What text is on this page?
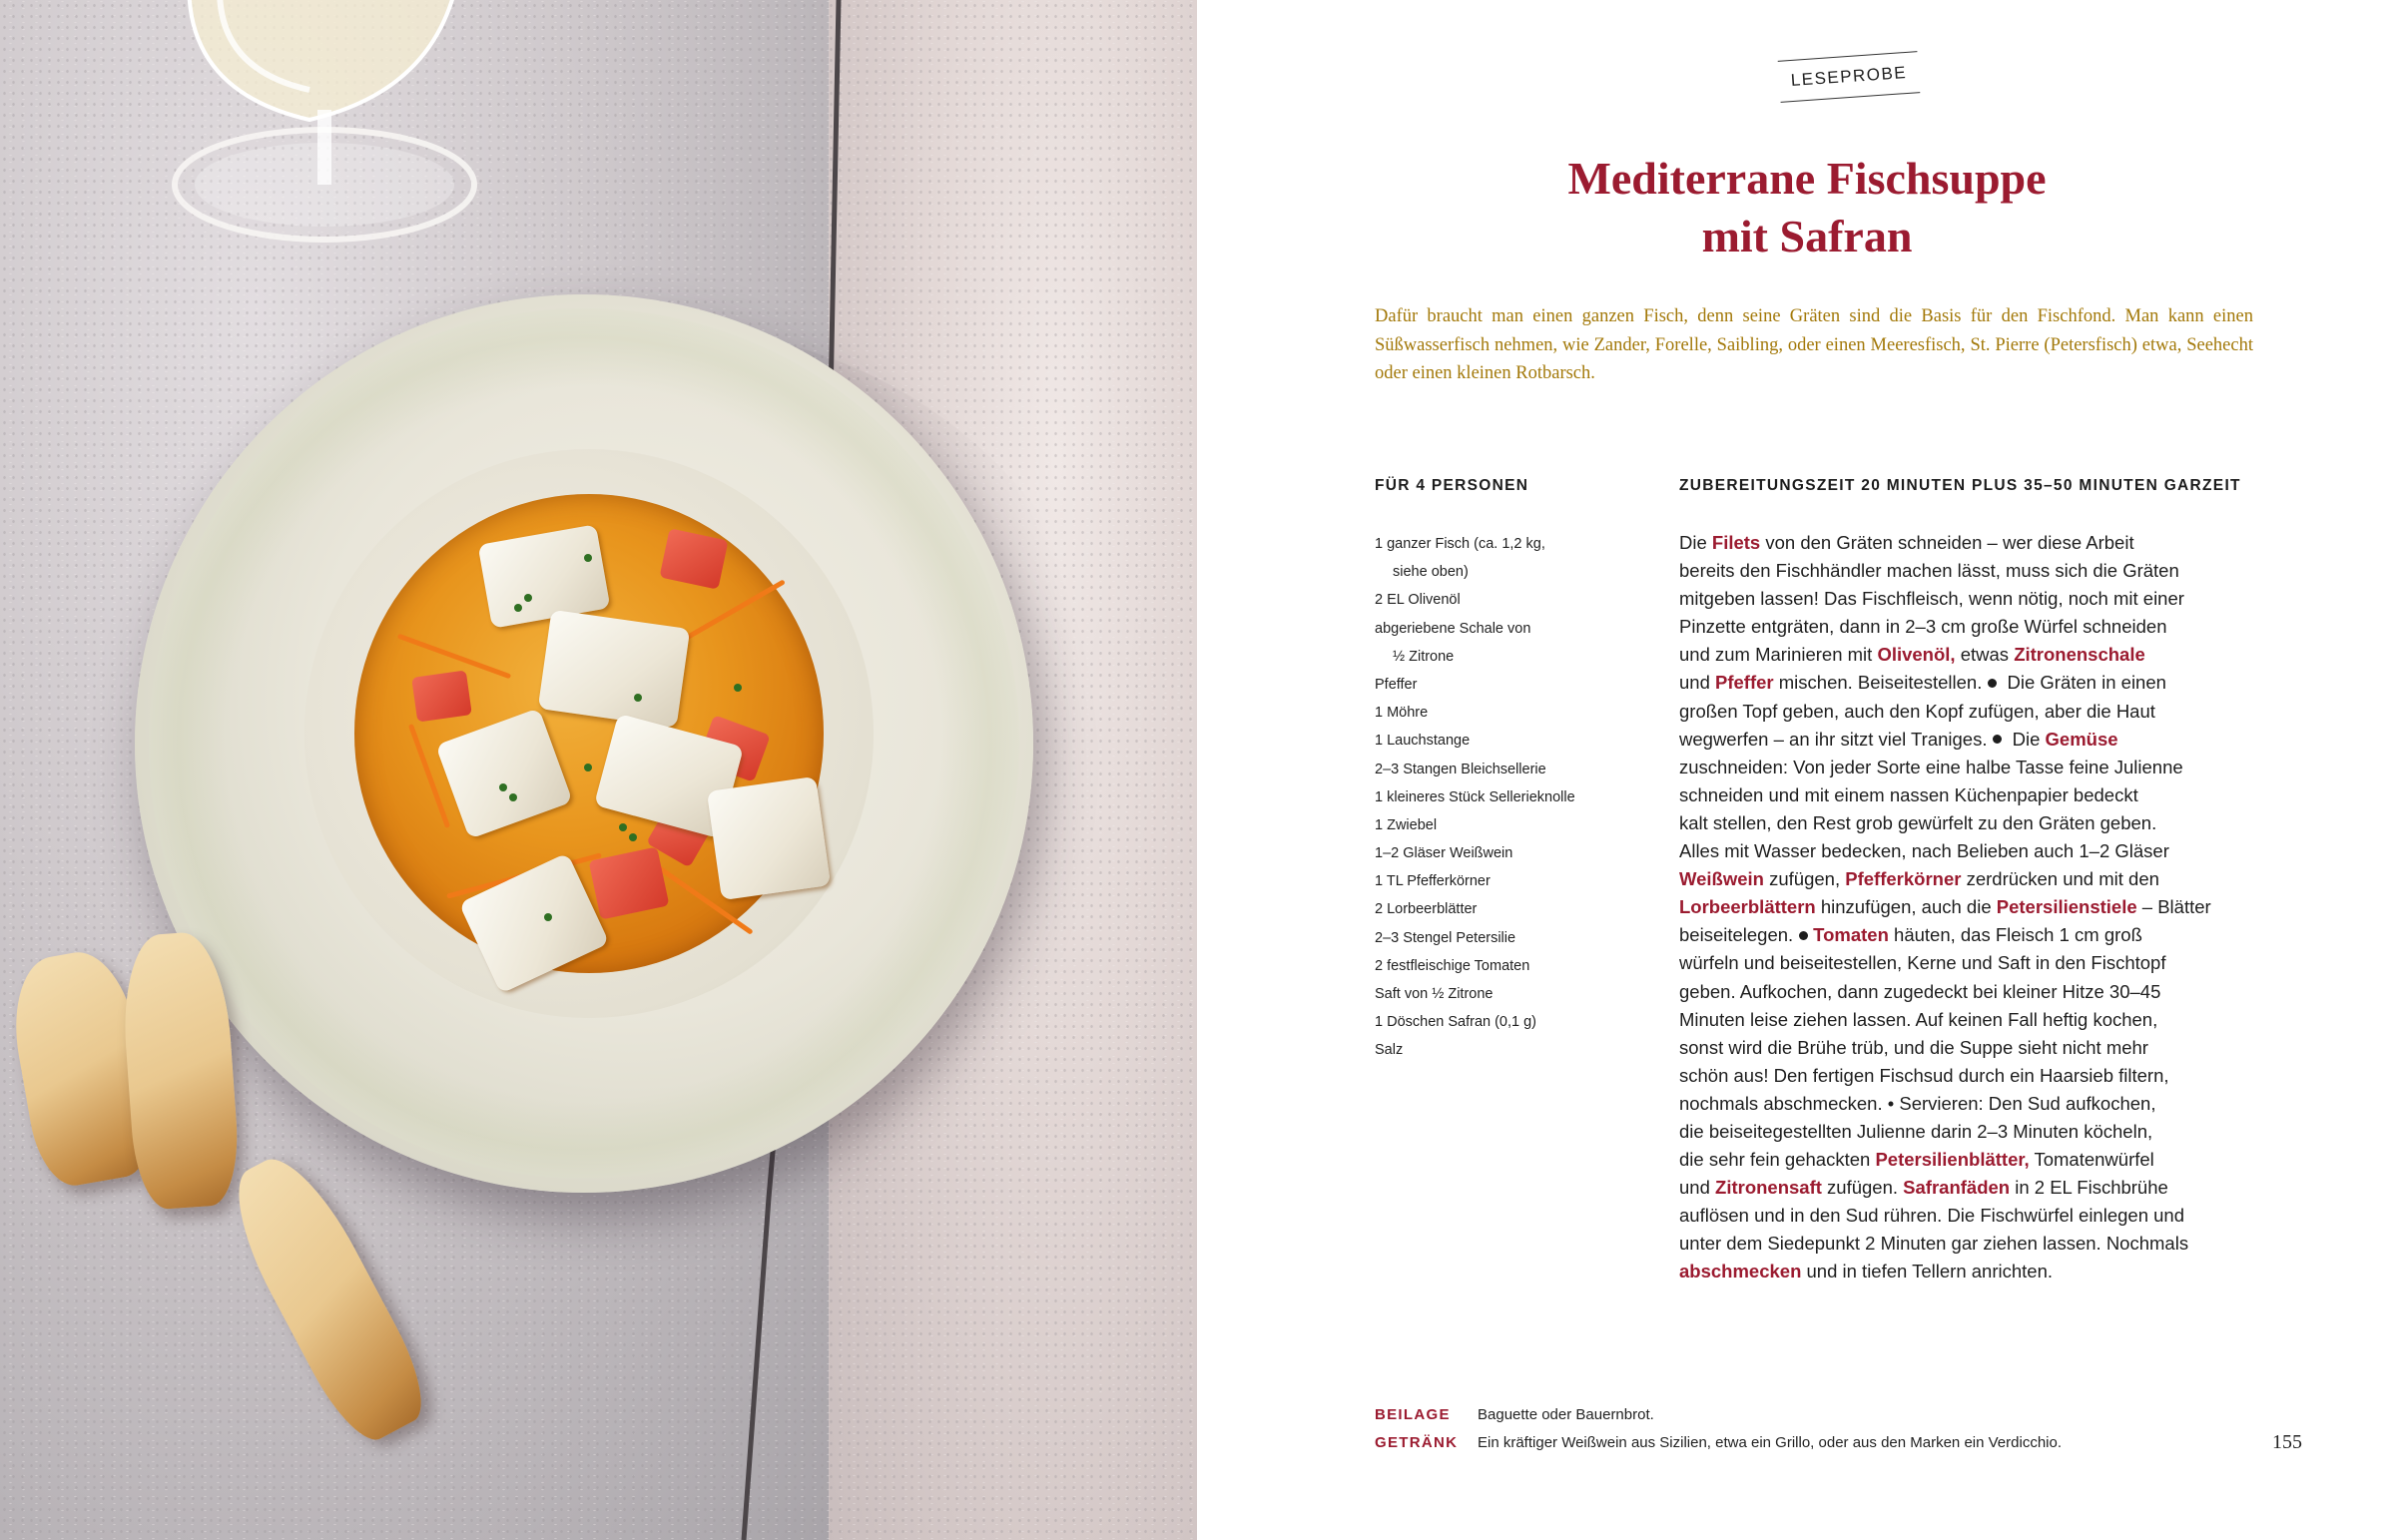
LESEPROBE
Mediterrane Fischsuppe
mit Safran

Dafür braucht man einen ganzen Fisch, denn seine Gräten sind die Basis für den Fischfond. Man kann einen Süßwasserfisch nehmen, wie Zander, Forelle, Saibling, oder einen Meeresfisch, St. Pierre (Petersfisch) etwa, Seehecht oder einen kleinen Rotbarsch.

FÜR 4 PERSONEN	ZUBEREITUNGSZEIT 20 MINUTEN PLUS 35–50 MINUTEN GARZEIT
1 ganzer Fisch (ca. 1,2 kg,
siehe oben)
2 EL Olivenöl
abgeriebene Schale von
½ Zitrone
Pfeffer
1 Möhre
1 Lauchstange
2–3 Stangen Bleichsellerie
1 kleineres Stück Sellerieknolle
1 Zwiebel
1–2 Gläser Weißwein
1 TL Pfefferkörner
2 Lorbeerblätter
2–3 Stengel Petersilie
2 festfleischige Tomaten
Saft von ½ Zitrone
1 Döschen Safran (0,1 g)
Salz
Die Filets von den Gräten schneiden – wer diese Arbeit
bereits den Fischhändler machen lässt, muss sich die Gräten
mitgeben lassen! Das Fischfleisch, wenn nötig, noch mit einer
Pinzette entgräten, dann in 2–3 cm große Würfel schneiden
und zum Marinieren mit Olivenöl, etwas Zitronenschale
und Pfeffer mischen. Beiseitestellen. Die Gräten in einen
großen Topf geben, auch den Kopf zufügen, aber die Haut
wegwerfen – an ihr sitzt viel Traniges. Die Gemüse
zuschneiden: Von jeder Sorte eine halbe Tasse feine Julienne
schneiden und mit einem nassen Küchenpapier bedeckt
kalt stellen, den Rest grob gewürfelt zu den Gräten geben.
Alles mit Wasser bedecken, nach Belieben auch 1–2 Gläser
Weißwein zufügen, Pfefferkörner zerdrücken und mit den
Lorbeerblättern hinzufügen, auch die Petersilienstiele – Blätter
beiseitelegen. Tomaten häuten, das Fleisch 1 cm groß
würfeln und beiseitestellen, Kerne und Saft in den Fischtopf
geben. Aufkochen, dann zugedeckt bei kleiner Hitze 30–45
Minuten leise ziehen lassen. Auf keinen Fall heftig kochen,
sonst wird die Brühe trüb, und die Suppe sieht nicht mehr
schön aus! Den fertigen Fischsud durch ein Haarsieb filtern,
nochmals abschmecken. • Servieren: Den Sud aufkochen,
die beiseitegestellten Julienne darin 2–3 Minuten köcheln,
die sehr fein gehackten Petersilienblätter, Tomatenwürfel
und Zitronensaft zufügen. Safranfäden in 2 EL Fischbrühe
auflösen und in den Sud rühren. Die Fischwürfel einlegen und
unter dem Siedepunkt 2 Minuten gar ziehen lassen. Nochmals
abschmecken und in tiefen Tellern anrichten.
BEILAGE Baguette oder Bauernbrot.
GETRÄNK Ein kräftiger Weißwein aus Sizilien, etwa ein Grillo, oder aus den Marken ein Verdicchio.	155
